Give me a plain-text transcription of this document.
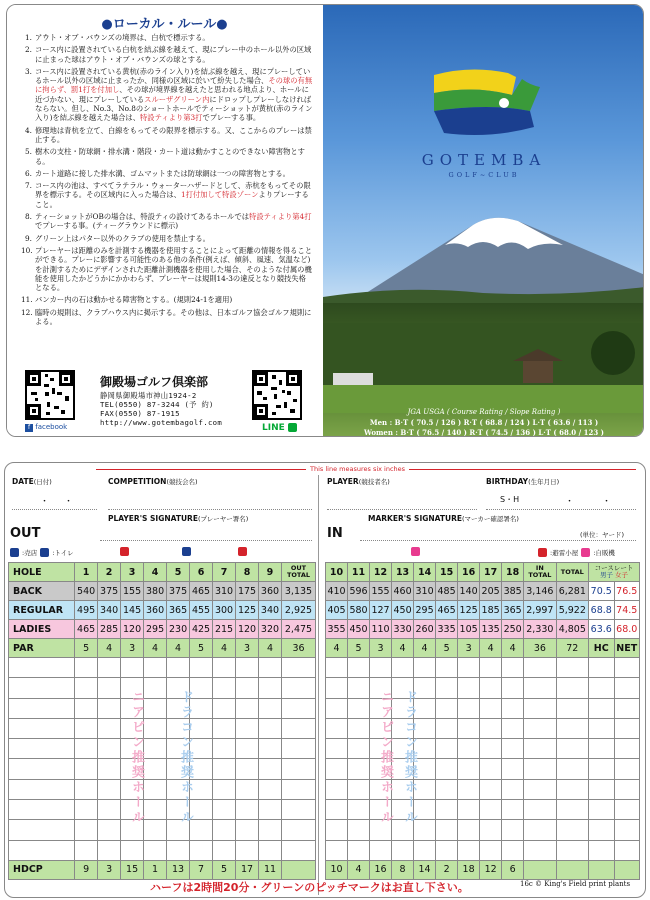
●ローカル・ルール●
1. アウト・オブ・バウンズの境界は、白杭で標示する。
2. コース内に設置されている白杭を結ぶ線を越えて、現にプレー中のホール以外の区域に止まった球はアウト・オブ・バウンズの球とする。
3. コース内に設置されている黄杭(赤のライン入り)を結ぶ線を越え、現にプレーしているホール以外の区域に止まったか、同様の区域に於いて紛失した場合、その球の有無に拘らず、罰1打を付加し、その球が境界線を越えたと思われる地点より、ホールに近づかない、現にプレーしているスルーザグリーン内にドロップしプレーしなければならない。但し、No.3、No.8のショートホールでティーショットが黄杭(赤のライン入り)を結ぶ線を越えた場合は、特設ティより第3打でプレーする事。
4. 修理地は青杭を立て、白線をもってその限界を標示する。又、ここからのプレーは禁止する。
5. 樹木の支柱・防球網・排水溝・階段・カート道は動かすことのできない障害物とする。
6. カート道路に接した排水溝、ゴムマットまたは防球網は一つの障害物とする。
7. コース内の池は、すべてラテラル・ウォーターハザードとして、赤杭をもってその限界を標示する。その区域内に入った場合は、1打付加して特設ゾーンよりプレーすること。
8. ティーショットがOBの場合は、特設ティの設けてあるホールでは特設ティより第4打でプレーする事。(ティーグラウンドに標示)
9. グリーン上はパター以外のクラブの使用を禁止する。
10. プレーヤーは距離のみを計測する機器を使用することによって距離の情報を得ることができる。プレーに影響する可能性のある他の条件(例えば、傾斜、風速、気温など)を計測するためにデザインされた距離計測機器を使用した場合、そのような付属の機能を使用したかどうかにかかわらず、プレーヤーは規則14-3の違反となり競技失格となる。
11. バンカー内の石は動かせる障害物とする。(規則24-1を適用)
12. 臨時の規則は、クラブハウス内に掲示する。その他は、日本ゴルフ協会ゴルフ規則による。
f facebook
御殿場ゴルフ倶楽部
静岡県御殿場市神山1924-2
TEL(0550) 87-3244 (予 約)
FAX(0550) 87-1915
http://www.gotembagolf.com
LINE
GOTEMBA
GOLF~CLUB
JGA USGA ( Course Rating / Slope Rating )
Men : B·T ( 70.5 / 126 ) R·T ( 68.8 / 124 ) L·T ( 63.6 / 113 )
Women : B·T ( 76.5 / 140 ) R·T ( 74.5 / 136 ) L·T ( 68.0 / 123 )
This line measures six inches
DATE(日付)
・ ・
COMPETITION(競技会名)
PLAYER'S SIGNATURE(プレーヤー署名)
OUT
PLAYER(競技者名)	BIRTHDAY(生年月日)
S・H	・	・
MARKER'S SIGNATURE(マーカー確認署名)
IN	(単位：ヤード)
:売店 :トイレ	:避雷小屋 :自販機
HOLE	1	2	3	4	5	6	7	8	9	OUT
TOTAL
BACK	540	375	155	380	375	465	310	175	360	3,135
REGULAR	495	340	145	360	365	455	300	125	340	2,925
LADIES	465	285	120	295	230	425	215	120	320	2,475
PAR	5	4	3	4	4	5	4	3	4	36

HDCP	9	3	15	1	13	7	5	17	11	
10	11	12	13	14	15	16	17	18	IN
TOTAL	TOTAL	コースレート
男子 女子	
410	596	155	460	310	485	140	205	385	3,146	6,281	70.5	76.5
405	580	127	450	295	465	125	185	365	2,997	5,922	68.8	74.5
355	450	110	330	260	335	105	135	250	2,330	4,805	63.6	68.0
4	5	3	4	4	5	3	4	4	36	72	HC	NET

10	4	16	8	14	2	18	12	6				
ニアピン推奨ホール	ドラコン推奨ホール	ニアピン推奨ホール ドラコン推奨ホール
ハーフは2時間20分・グリーンのピッチマークはお直し下さい。	16c © King's Field print plants
